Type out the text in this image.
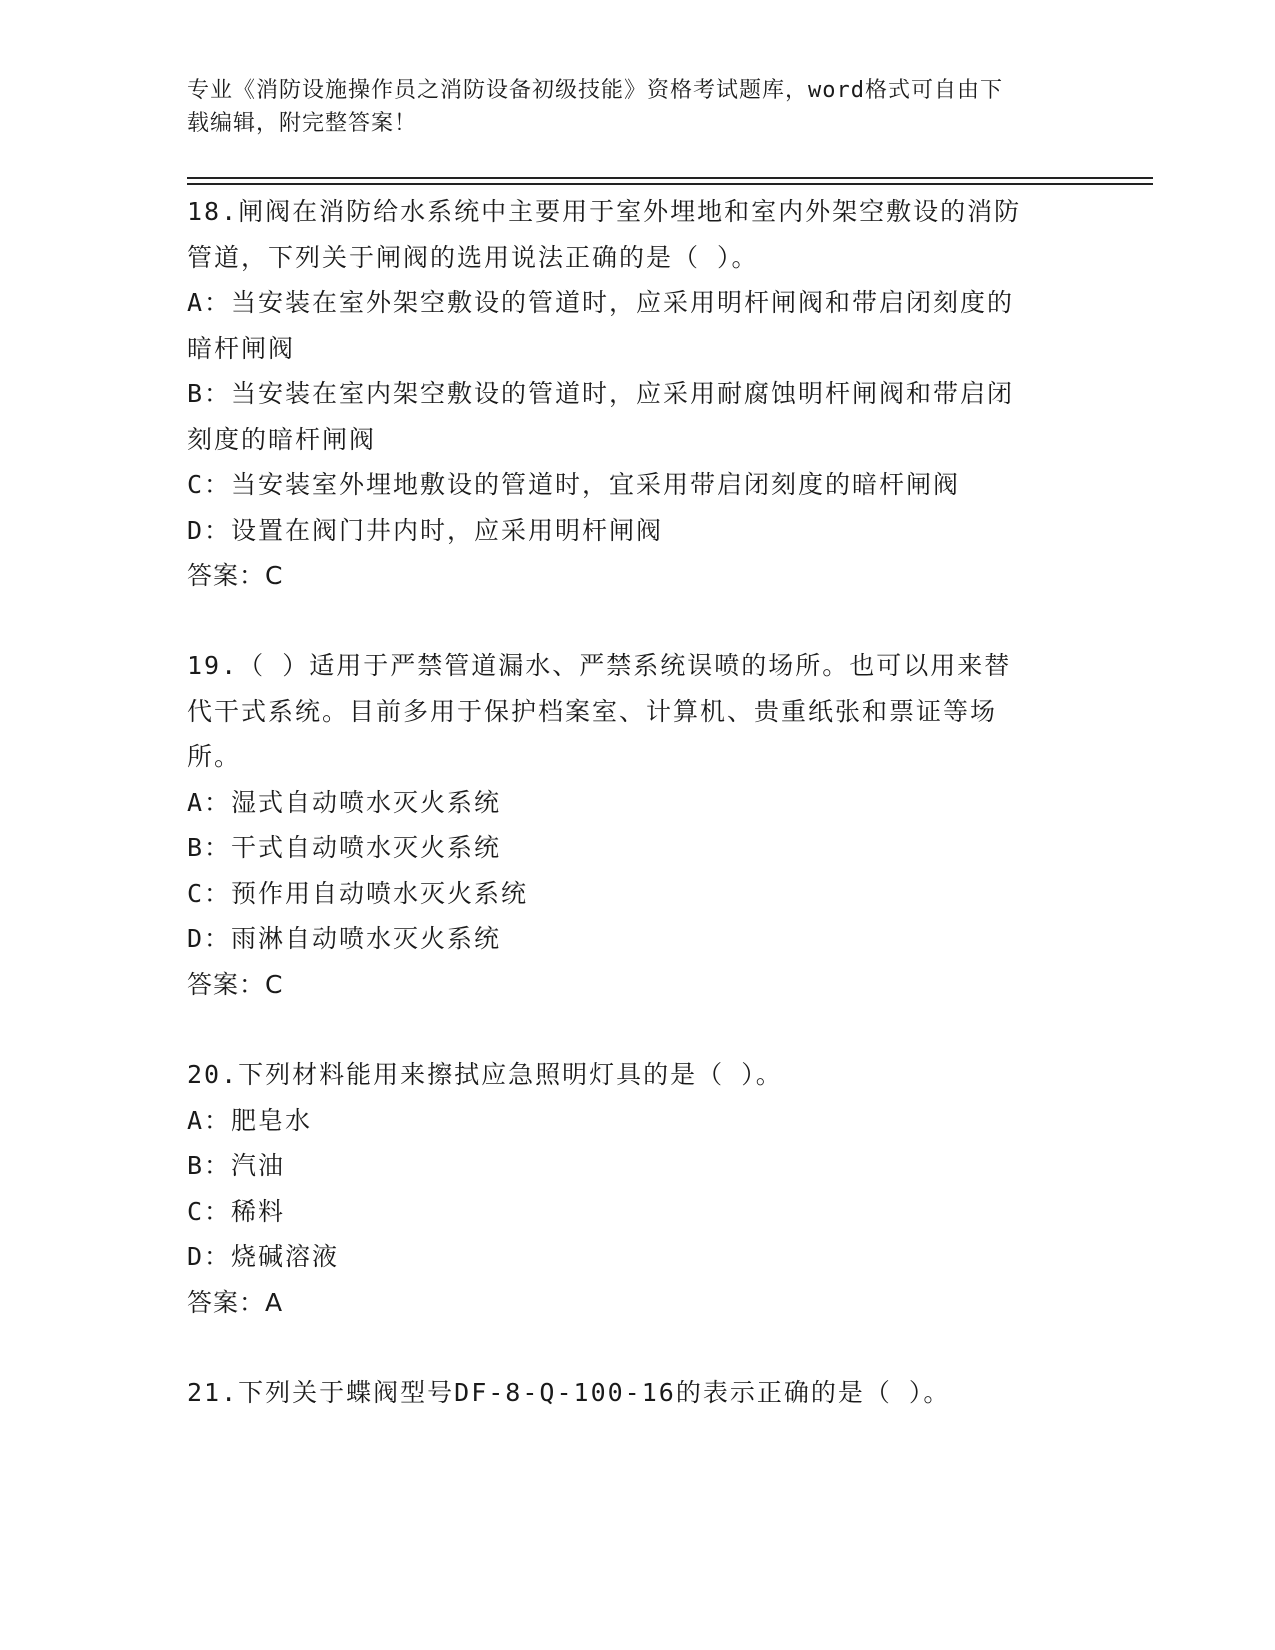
专业《消防设施操作员之消防设备初级技能》资格考试题库，word格式可自由下
载编辑，附完整答案！
18.闸阀在消防给水系统中主要用于室外埋地和室内外架空敷设的消防
管道，下列关于闸阀的选用说法正确的是（ ）。
A：当安装在室外架空敷设的管道时，应采用明杆闸阀和带启闭刻度的
暗杆闸阀
B：当安装在室内架空敷设的管道时，应采用耐腐蚀明杆闸阀和带启闭
刻度的暗杆闸阀
C：当安装室外埋地敷设的管道时，宜采用带启闭刻度的暗杆闸阀
D：设置在阀门井内时，应采用明杆闸阀
答案：C
19.（ ）适用于严禁管道漏水、严禁系统误喷的场所。也可以用来替
代干式系统。目前多用于保护档案室、计算机、贵重纸张和票证等场
所。
A：湿式自动喷水灭火系统
B：干式自动喷水灭火系统
C：预作用自动喷水灭火系统
D：雨淋自动喷水灭火系统
答案：C
20.下列材料能用来擦拭应急照明灯具的是（ ）。
A：肥皂水
B：汽油
C：稀料
D：烧碱溶液
答案：A
21.下列关于蝶阀型号DF-8-Q-100-16的表示正确的是（ ）。
